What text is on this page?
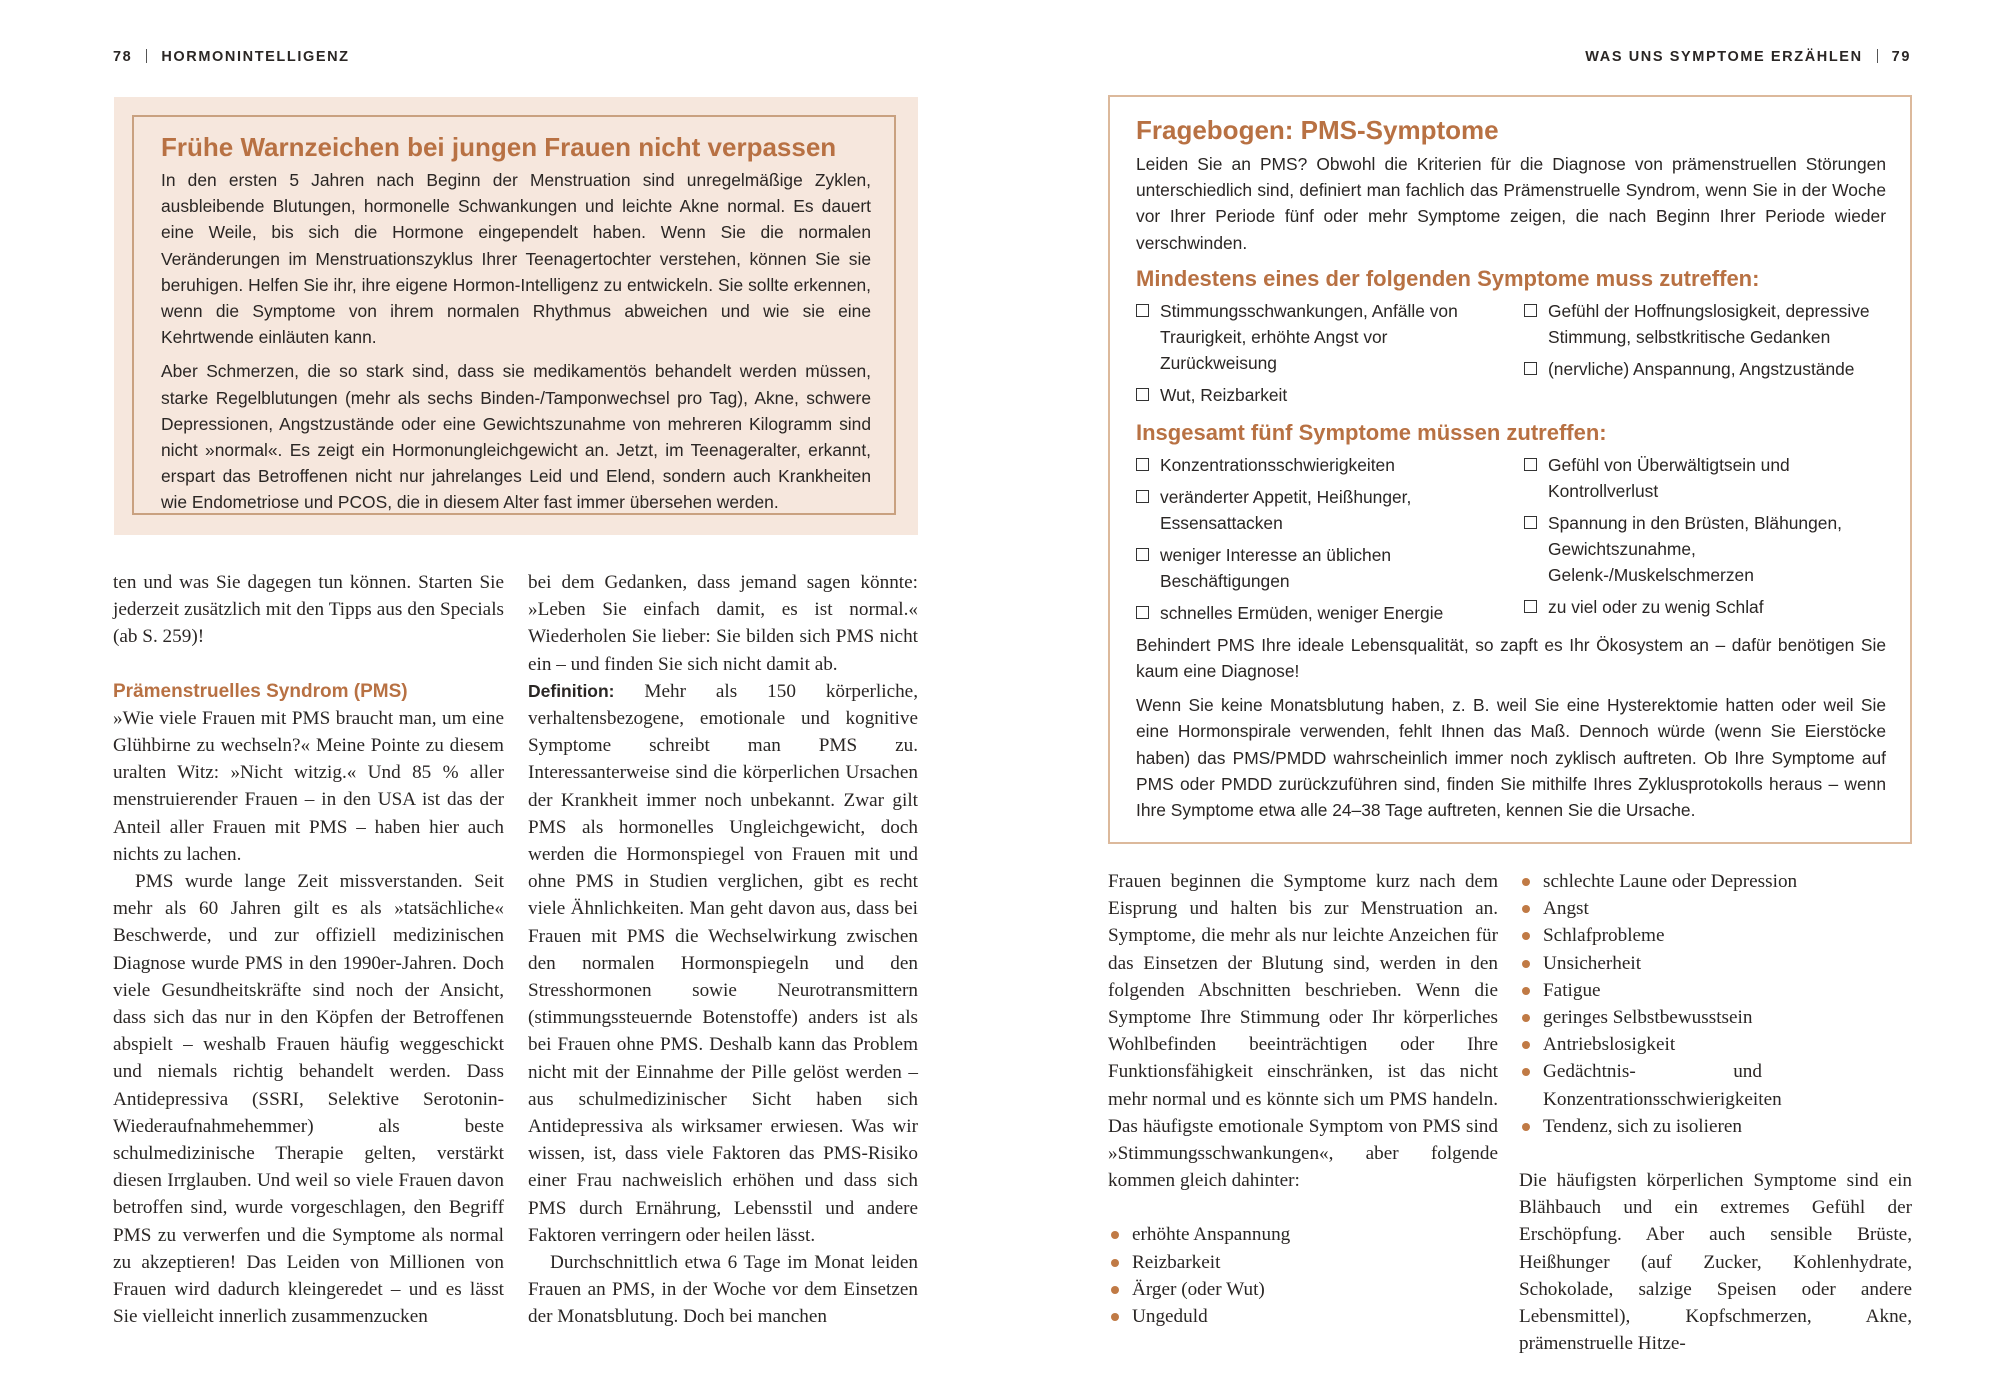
78 HORMONINTELLIGENZ	WAS UNS SYMPTOME ERZÄHLEN 79
Frühe Warnzeichen bei jungen Frauen nicht verpassen

In den ersten 5 Jahren nach Beginn der Menstruation sind unregelmäßige Zyklen, ausbleibende Blutungen, hormonelle Schwankungen und leichte Akne normal. Es dauert eine Weile, bis sich die Hormone eingependelt haben. Wenn Sie die normalen Veränderungen im Menstruationszyklus Ihrer Teenagertochter verstehen, können Sie sie beruhigen. Helfen Sie ihr, ihre eigene Hormon-Intelligenz zu entwickeln. Sie sollte erkennen, wenn die Symptome von ihrem normalen Rhythmus abweichen und wie sie eine Kehrtwende einläuten kann.

Aber Schmerzen, die so stark sind, dass sie medikamentös behandelt werden müssen, starke Regelblutungen (mehr als sechs Binden-/Tamponwechsel pro Tag), Akne, schwere Depressionen, Angstzustände oder eine Gewichtszunahme von mehreren Kilogramm sind nicht »normal«. Es zeigt ein Hormonungleichgewicht an. Jetzt, im Teenageralter, erkannt, erspart das Betroffenen nicht nur jahrelanges Leid und Elend, sondern auch Krankheiten wie Endometriose und PCOS, die in diesem Alter fast immer übersehen werden.

ten und was Sie dagegen tun können. Starten Sie jederzeit zusätzlich mit den Tipps aus den Specials (ab S. 259)!

Prämenstruelles Syndrom (PMS)

»Wie viele Frauen mit PMS braucht man, um eine Glühbirne zu wechseln?« Meine Pointe zu diesem uralten Witz: »Nicht witzig.« Und 85 % aller menstruierender Frauen – in den USA ist das der Anteil aller Frauen mit PMS – haben hier auch nichts zu lachen.

PMS wurde lange Zeit missverstanden. Seit mehr als 60 Jahren gilt es als »tatsächliche« Beschwerde, und zur offiziell medizinischen Diagnose wurde PMS in den 1990er-Jahren. Doch viele Gesundheitskräfte sind noch der Ansicht, dass sich das nur in den Köpfen der Betroffenen abspielt – weshalb Frauen häufig weggeschickt und niemals richtig behandelt werden. Dass Antidepressiva (SSRI, Selektive Serotonin-Wiederaufnahmehemmer) als beste schulmedizinische Therapie gelten, verstärkt diesen Irrglauben. Und weil so viele Frauen davon betroffen sind, wurde vorgeschlagen, den Begriff PMS zu verwerfen und die Symptome als normal zu akzeptieren! Das Leiden von Millionen von Frauen wird dadurch kleingeredet – und es lässt Sie vielleicht innerlich zusammenzucken

bei dem Gedanken, dass jemand sagen könnte: »Leben Sie einfach damit, es ist normal.« Wiederholen Sie lieber: Sie bilden sich PMS nicht ein – und finden Sie sich nicht damit ab.

Definition: Mehr als 150 körperliche, verhaltensbezogene, emotionale und kognitive Symptome schreibt man PMS zu. Interessanterweise sind die körperlichen Ursachen der Krankheit immer noch unbekannt. Zwar gilt PMS als hormonelles Ungleichgewicht, doch werden die Hormonspiegel von Frauen mit und ohne PMS in Studien verglichen, gibt es recht viele Ähnlichkeiten. Man geht davon aus, dass bei Frauen mit PMS die Wechselwirkung zwischen den normalen Hormonspiegeln und den Stresshormonen sowie Neurotransmittern (stimmungssteuernde Botenstoffe) anders ist als bei Frauen ohne PMS. Deshalb kann das Problem nicht mit der Einnahme der Pille gelöst werden – aus schulmedizinischer Sicht haben sich Antidepressiva als wirksamer erwiesen. Was wir wissen, ist, dass viele Faktoren das PMS-Risiko einer Frau nachweislich erhöhen und dass sich PMS durch Ernährung, Lebensstil und andere Faktoren verringern oder heilen lässt.

Durchschnittlich etwa 6 Tage im Monat leiden Frauen an PMS, in der Woche vor dem Einsetzen der Monatsblutung. Doch bei manchen

Fragebogen: PMS-Symptome
Leiden Sie an PMS? Obwohl die Kriterien für die Diagnose von prämenstruellen Störungen unterschiedlich sind, definiert man fachlich das Prämenstruelle Syndrom, wenn Sie in der Woche vor Ihrer Periode fünf oder mehr Symptome zeigen, die nach Beginn Ihrer Periode wieder verschwinden.
Mindestens eines der folgenden Symptome muss zutreffen:
Stimmungsschwankungen, Anfälle von Traurigkeit, erhöhte Angst vor Zurückweisung
Wut, Reizbarkeit
Gefühl der Hoffnungslosigkeit, depressive Stimmung, selbstkritische Gedanken
(nervliche) Anspannung, Angstzustände
Insgesamt fünf Symptome müssen zutreffen:
Konzentrationsschwierigkeiten
veränderter Appetit, Heißhunger, Essensattacken
weniger Interesse an üblichen Beschäftigungen
schnelles Ermüden, weniger Energie
Gefühl von Überwältigtsein und Kontrollverlust
Spannung in den Brüsten, Blähungen, Gewichtszunahme, Gelenk-/Muskelschmerzen
zu viel oder zu wenig Schlaf
Behindert PMS Ihre ideale Lebensqualität, so zapft es Ihr Ökosystem an – dafür benötigen Sie kaum eine Diagnose!
Wenn Sie keine Monatsblutung haben, z. B. weil Sie eine Hysterektomie hatten oder weil Sie eine Hormonspirale verwenden, fehlt Ihnen das Maß. Dennoch würde (wenn Sie Eierstöcke haben) das PMS/PMDD wahrscheinlich immer noch zyklisch auftreten. Ob Ihre Symptome auf PMS oder PMDD zurückzuführen sind, finden Sie mithilfe Ihres Zyklusprotokolls heraus – wenn Ihre Symptome etwa alle 24–38 Tage auftreten, kennen Sie die Ursache.

Frauen beginnen die Symptome kurz nach dem Eisprung und halten bis zur Menstruation an. Symptome, die mehr als nur leichte Anzeichen für das Einsetzen der Blutung sind, werden in den folgenden Abschnitten beschrieben. Wenn die Symptome Ihre Stimmung oder Ihr körperliches Wohlbefinden beeinträchtigen oder Ihre Funktionsfähigkeit einschränken, ist das nicht mehr normal und es könnte sich um PMS handeln. Das häufigste emotionale Symptom von PMS sind »Stimmungsschwankungen«, aber folgende kommen gleich dahinter:

erhöhte Anspannung
Reizbarkeit
Ärger (oder Wut)
Ungeduld
schlechte Laune oder Depression
Angst
Schlafprobleme
Unsicherheit
Fatigue
geringes Selbstbewusstsein
Antriebslosigkeit
Gedächtnis- und Konzentrationsschwierigkeiten
Tendenz, sich zu isolieren

Die häufigsten körperlichen Symptome sind ein Blähbauch und ein extremes Gefühl der Erschöpfung. Aber auch sensible Brüste, Heißhunger (auf Zucker, Kohlenhydrate, Schokolade, salzige Speisen oder andere Lebensmittel), Kopfschmerzen, Akne, prämenstruelle Hitze-
